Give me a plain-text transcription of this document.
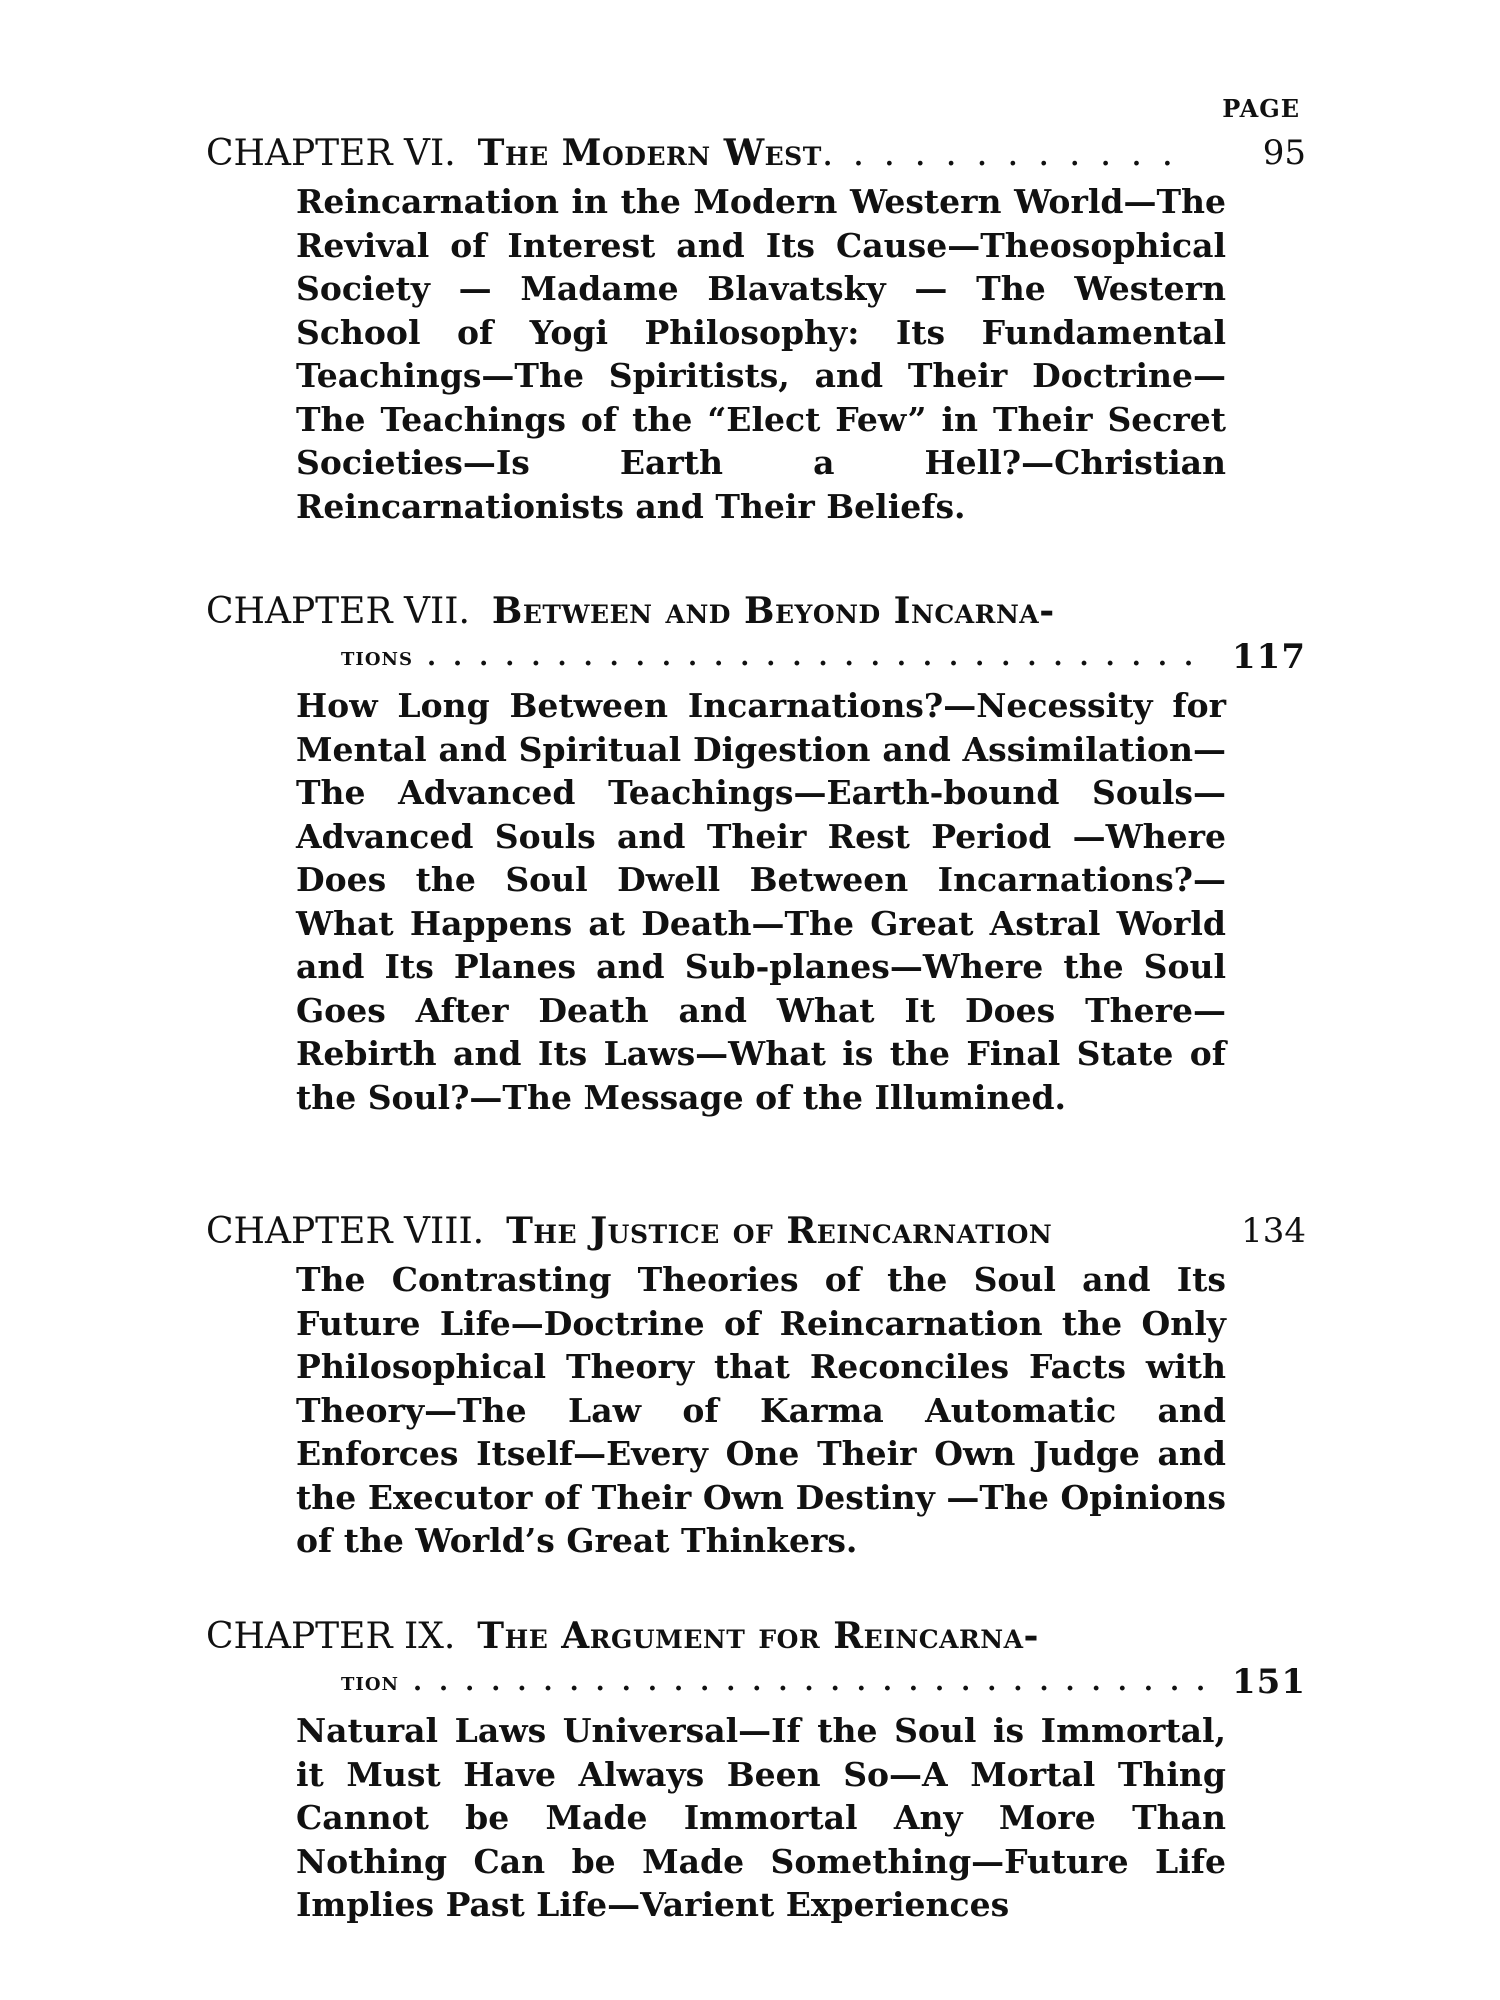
PAGE
CHAPTER VI. The Modern West. . . . . . . . . . . .	95
Reincarnation in the Modern Western World—The Revival of Interest and Its Cause—Theosophical Society — Madame Blavatsky — The Western School of Yogi Philosophy: Its Fundamental Teachings—The Spiritists, and Their Doctrine—The Teachings of the “Elect Few” in Their Secret Societies—Is Earth a Hell?—Christian Reincarnationists and Their Beliefs.
CHAPTER VII. Between and Beyond Incarna-
tions . . . . . . . . . . . . . . . . . . . . . . . . . . . . . . 117
How Long Between Incarnations?—Necessity for Mental and Spiritual Digestion and Assimilation—The Advanced Teachings—Earth-bound Souls—Advanced Souls and Their Rest Period —Where Does the Soul Dwell Between Incarnations?—What Happens at Death—The Great Astral World and Its Planes and Sub-planes—Where the Soul Goes After Death and What It Does There—Rebirth and Its Laws—What is the Final State of the Soul?—The Message of the Illumined.
CHAPTER VIII. The Justice of Reincarnation	134
The Contrasting Theories of the Soul and Its Future Life—Doctrine of Reincarnation the Only Philosophical Theory that Reconciles Facts with Theory—The Law of Karma Automatic and Enforces Itself—Every One Their Own Judge and the Executor of Their Own Destiny —The Opinions of the World’s Great Thinkers.
CHAPTER IX. The Argument for Reincarna-
tion . . . . . . . . . . . . . . . . . . . . . . . . . . . . . . . 151
Natural Laws Universal—If the Soul is Immortal, it Must Have Always Been So—A Mortal Thing Cannot be Made Immortal Any More Than Nothing Can be Made Something—Future Life Implies Past Life—Varient Experiences
